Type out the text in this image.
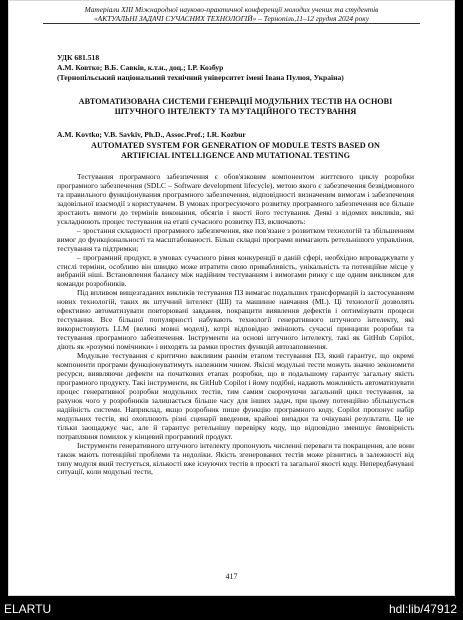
Матеріали XIII Міжнародної науково-практичної конференції молодих учених та студентів
«АКТУАЛЬНІ ЗАДАЧІ СУЧАСНИХ ТЕХНОЛОГІЙ» – Тернопіль,11–12 грудня 2024 року

УДК 681.518

А.М. Ковтко; В.Б. Савків, к.т.н., доц.; І.Р. Козбур

(Тернопільський національний технічний університет імені Івана Пулюя, Україна)

АВТОМАТИЗОВАНА СИСТЕМИ ГЕНЕРАЦІЇ МОДУЛЬНИХ ТЕСТІВ НА ОСНОВІ ШТУЧНОГО ІНТЕЛЕКТУ ТА МУТАЦІЙНОГО ТЕСТУВАННЯ

A.M. Kovtko; V.B. Savkiv, Ph.D., Assoc.Prof.; I.R. Kozbur

AUTOMATED SYSTEM FOR GENERATION OF MODULE TESTS BASED ON ARTIFICIAL INTELLIGENCE AND MUTATIONAL TESTING

Тестування програмного забезпечення є обов'язковим компонентом життєвого циклу розробки програмного забезпечення (SDLC – Software development lifecycle), метою якого є забезпечення безвідмовного та правильного функціонування програмного забезпечення, відповідності визначеним вимогам і забезпечення задовільної взаємодії з користувачем. В умовах прогресуючого розвитку програмного забезпечення все більше зростають вимоги до термінів виконання, обсягів і якості його тестування. Деякі з відомих викликів, які ускладнюють процес тестування на етапі сучасного розвитку ПЗ, включають:

– зростання складності програмного забезпечення, яке пов'язане з розвитком технологій та збільшенням вимог до функціональності та масштабованості. Більш складні програми вимагають ретельнішого управління, тестування та підтримки;

– програмний продукт, в умовах сучасного рівня конкуренції в даній сфері, необхідно впроваджувати у стислі терміни, особливо він швидко може втратити свою привабливість, унікальність та потенційне місце у вибраній ніші. Встановлення балансу між надійним тестуванням і вимогами ринку є ще одним викликом для команди розробників.

Під впливом вищезгаданих викликів тестування ПЗ вимагає подальших трансформацій із застосуванням нових технологій, таких як штучний інтелект (ШІ) та машинне навчання (МL). Ці технології дозволять ефективно автоматизувати повторювані завдання, покращити виявлення дефектів і оптимізувати процеси тестування. Все більшої популярності набувають технології генеративного штучного інтелекту, які використовують LLM (великі мовні моделі), котрі відповідно змінюють сучасні принципи розробки та тестування програмного забезпечення. Інструменти на основі штучного інтелекту, такі як GitHub Copilot, діють як «розумні помічники» і виходять за рамки простих функцій автозаповнення.

Модульне тестування є критично важливим раннім етапом тестування ПЗ, який гарантує, що окремі компоненти програми функціонуватимуть належним чином. Якісні модульні тести можуть значно зекономити ресурси, виявляючи дефекти на початкових етапах розробки, що в подальшому гарантує загальну якість програмного продукту. Такі інструменти, як GitHub Copilot і йому подібні, надають можливість автоматизувати процес генеративної розробки модульних тестів, тим самим скорочуючи загальний цикл тестування, за рахунок чого у розробників залишається більше часу для інших задач, при цьому потенційно збільшується надійність системи. Наприклад, якщо розробник пише функцію програмного коду, Copilot пропонує набір модульних тестів, які охоплюють різні сценарії введення, крайові випадки та очікувані результати. Це не тільки заощаджує час, але й гарантує ретельнішу перевірку коду, що відповідно зменшує ймовірність потрапляння помилок у кінцевий програмний продукт.

Інструменти генеративного штучного інтелекту пропонують численні переваги та покращення, але вони також мають потенційні проблеми та недоліки. Якість згенерованих тестів може різнитись в залежності від типу модуля який тестується, кількості вже існуючих тестів в проєкті та загальної якості коду. Непередбачувані ситуації, коли модульні тести,

417
ELARTU	hdl:lib/47912
